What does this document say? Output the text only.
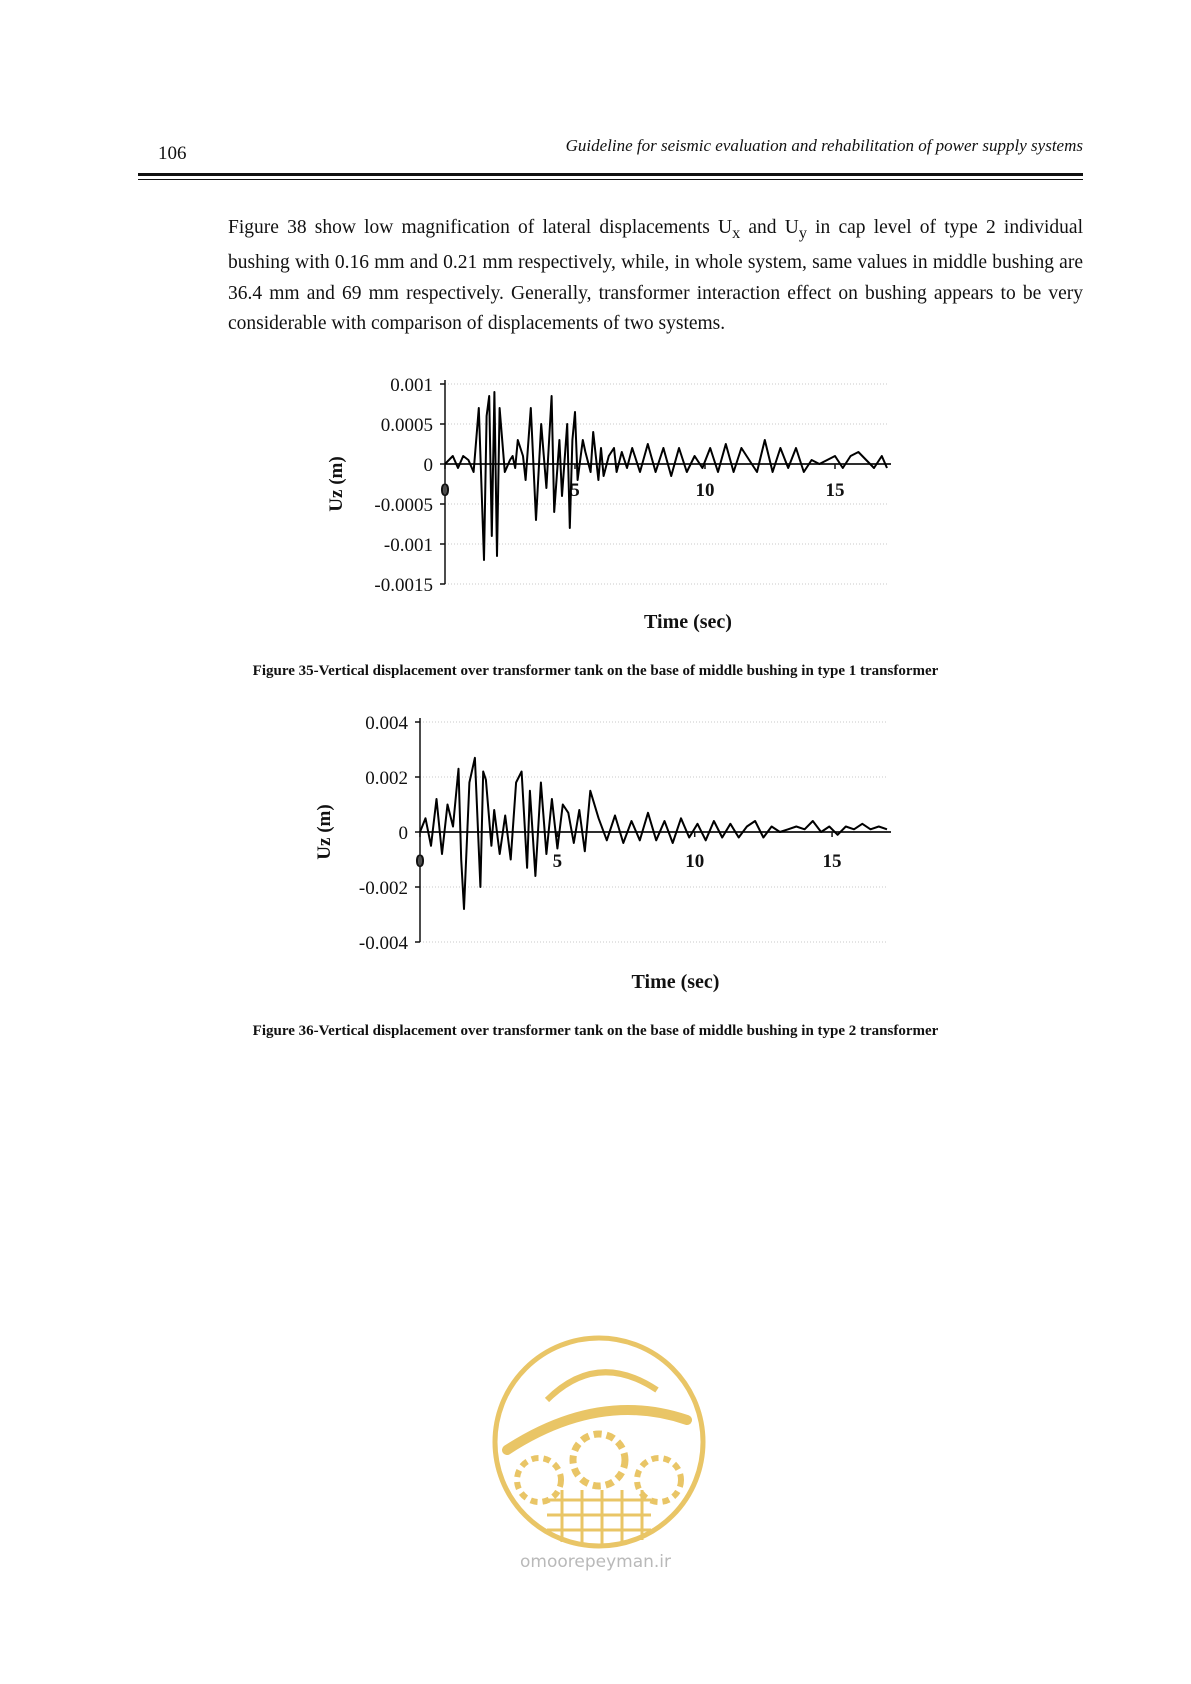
106	Guideline for seismic evaluation and rehabilitation of power supply systems

Figure 38 show low magnification of lateral displacements $U_x$ and $U_y$ in cap level of type 2 individual bushing with 0.16 mm and 0.21 mm respectively, while, in whole system, same values in middle bushing are 36.4 mm and 69 mm respectively. Generally, transformer interaction effect on bushing appears to be very considerable with comparison of displacements of two systems.

0.001
0.0005
0
-0.0005
-0.001
-0.0015
0	5	10	15
Uz (m)
Time (sec)
Figure 35-Vertical displacement over transformer tank on the base of middle bushing in type 1 transformer
0.004
0.002
0
-0.002
-0.004
0	5	10	15
Uz (m)
Time (sec)
Figure 36-Vertical displacement over transformer tank on the base of middle bushing in type 2 transformer
omoorepeyman.ir
